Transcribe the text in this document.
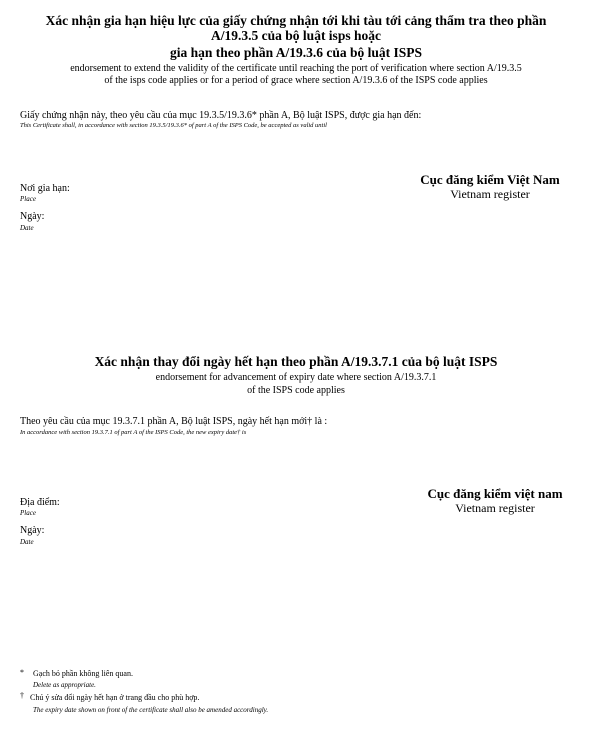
Xác nhận gia hạn hiệu lực của giấy chứng nhận tới khi tàu tới cảng thẩm tra theo phần
A/19.3.5 của bộ luật isps hoặc
gia hạn theo phần A/19.3.6 của bộ luật ISPS
endorsement to extend the validity of the certificate until reaching the port of verification where section A/19.3.5
of the isps code applies or for a period of grace where section A/19.3.6 of the ISPS code applies
Giấy chứng nhận này, theo yêu cầu của mục 19.3.5/19.3.6* phần A, Bộ luật ISPS, được gia hạn đến:
This Certificate shall, in accordance with section 19.3.5/19.3.6* of part A of the ISPS Code, be accepted as valid until
Nơi gia hạn:
Place
Ngày:
Date
Cục đăng kiểm Việt Nam
Vietnam register
Xác nhận thay đổi ngày hết hạn theo phần A/19.3.7.1 của bộ luật ISPS
endorsement for advancement of expiry date where section A/19.3.7.1
of the ISPS code applies
Theo yêu cầu của mục 19.3.7.1 phần A, Bộ luật ISPS, ngày hết hạn mới† là :
In accordance with section 19.3.7.1 of part A of the ISPS Code, the new expiry date† is
Địa điểm:
Place
Ngày:
Date
Cục đăng kiểm việt nam
Vietnam register
* Gạch bỏ phần không liên quan.
Delete as appropriate.
† Chú ý sửa đổi ngày hết hạn ở trang đầu cho phù hợp.
The expiry date shown on front of the certificate shall also be amended accordingly.
